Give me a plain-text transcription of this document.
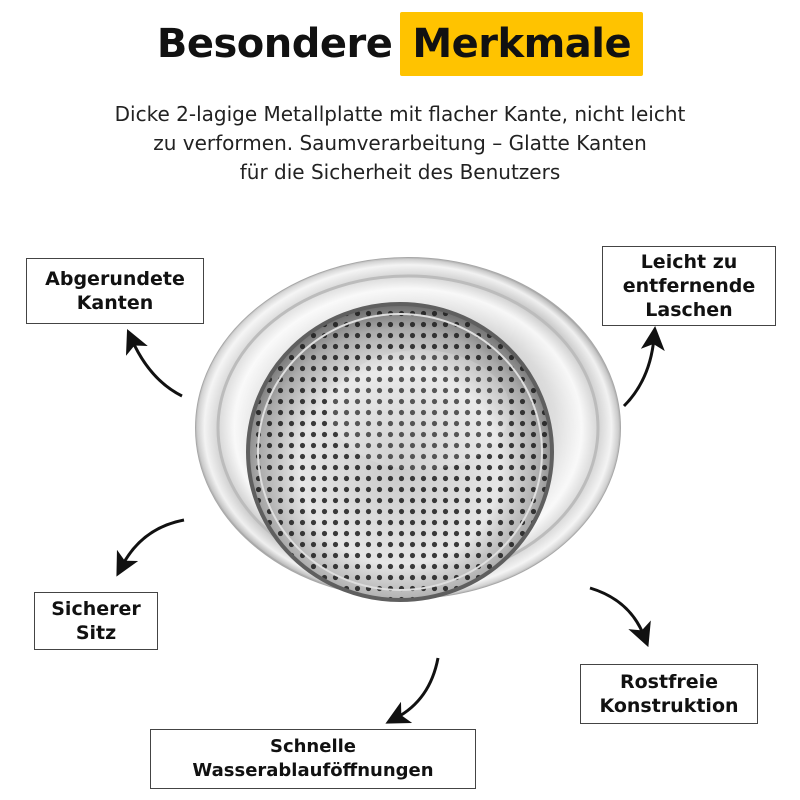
Besondere Merkmale
Dicke 2-lagige Metallplatte mit flacher Kante, nicht leicht
zu verformen. Saumverarbeitung – Glatte Kanten
für die Sicherheit des Benutzers
Abgerundete
Kanten
Leicht zu
entfernende
Laschen
Sicherer
Sitz
Rostfreie
Konstruktion
Schnelle
Wasserablauföffnungen
